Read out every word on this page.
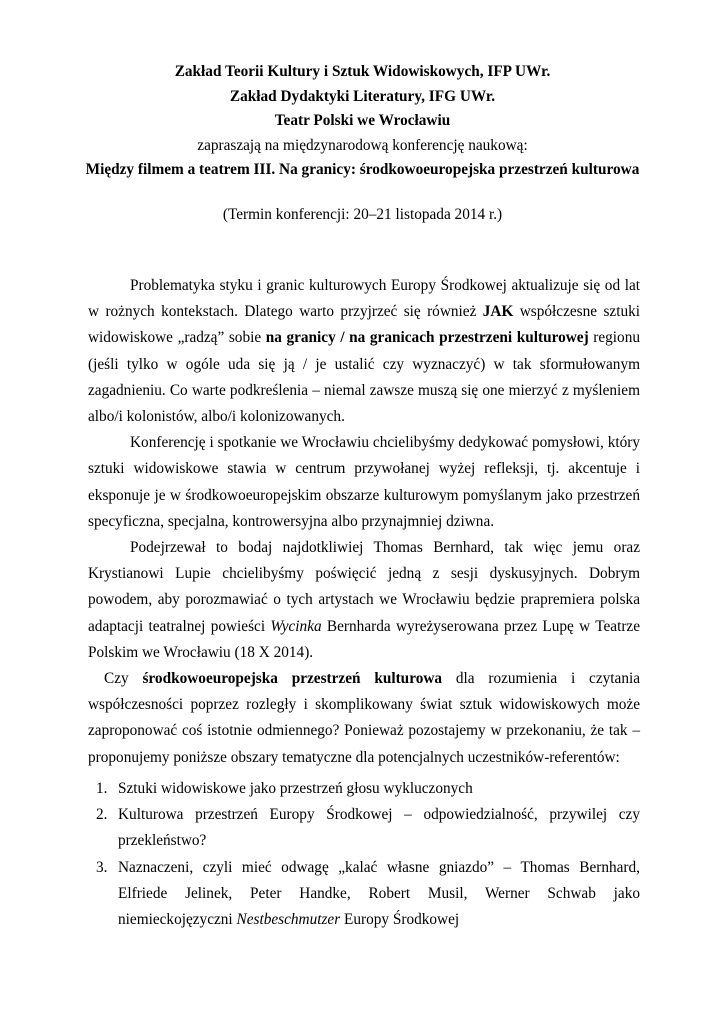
Zakład Teorii Kultury i Sztuk Widowiskowych, IFP UWr.
Zakład Dydaktyki Literatury, IFG UWr.
Teatr Polski we Wrocławiu
zapraszają na międzynarodową konferencję naukową:
Między filmem a teatrem III. Na granicy: środkowoeuropejska przestrzeń kulturowa
(Termin konferencji: 20–21 listopada 2014 r.)

Problematyka styku i granic kulturowych Europy Środkowej aktualizuje się od lat w rożnych kontekstach. Dlatego warto przyjrzeć się również JAK współczesne sztuki widowiskowe „radzą” sobie na granicy / na granicach przestrzeni kulturowej regionu (jeśli tylko w ogóle uda się ją / je ustalić czy wyznaczyć) w tak sformułowanym zagadnieniu. Co warte podkreślenia – niemal zawsze muszą się one mierzyć z myśleniem albo/i kolonistów, albo/i kolonizowanych.

Konferencję i spotkanie we Wrocławiu chcielibyśmy dedykować pomysłowi, który sztuki widowiskowe stawia w centrum przywołanej wyżej refleksji, tj. akcentuje i eksponuje je w środkowoeuropejskim obszarze kulturowym pomyślanym jako przestrzeń specyficzna, specjalna, kontrowersyjna albo przynajmniej dziwna.

Podejrzewał to bodaj najdotkliwiej Thomas Bernhard, tak więc jemu oraz Krystianowi Lupie chcielibyśmy poświęcić jedną z sesji dyskusyjnych. Dobrym powodem, aby porozmawiać o tych artystach we Wrocławiu będzie prapremiera polska adaptacji teatralnej powieści Wycinka Bernharda wyreżyserowana przez Lupę w Teatrze Polskim we Wrocławiu (18 X 2014).

Czy środkowoeuropejska przestrzeń kulturowa dla rozumienia i czytania współczesności poprzez rozległy i skomplikowany świat sztuk widowiskowych może zaproponować coś istotnie odmiennego? Ponieważ pozostajemy w przekonaniu, że tak – proponujemy poniższe obszary tematyczne dla potencjalnych uczestników-referentów:

1. Sztuki widowiskowe jako przestrzeń głosu wykluczonych
2. Kulturowa przestrzeń Europy Środkowej – odpowiedzialność, przywilej czy przekleństwo?
3. Naznaczeni, czyli mieć odwagę „kalać własne gniazdo” – Thomas Bernhard, Elfriede Jelinek, Peter Handke, Robert Musil, Werner Schwab jako niemieckojęzyczni Nestbeschmutzer Europy Środkowej
